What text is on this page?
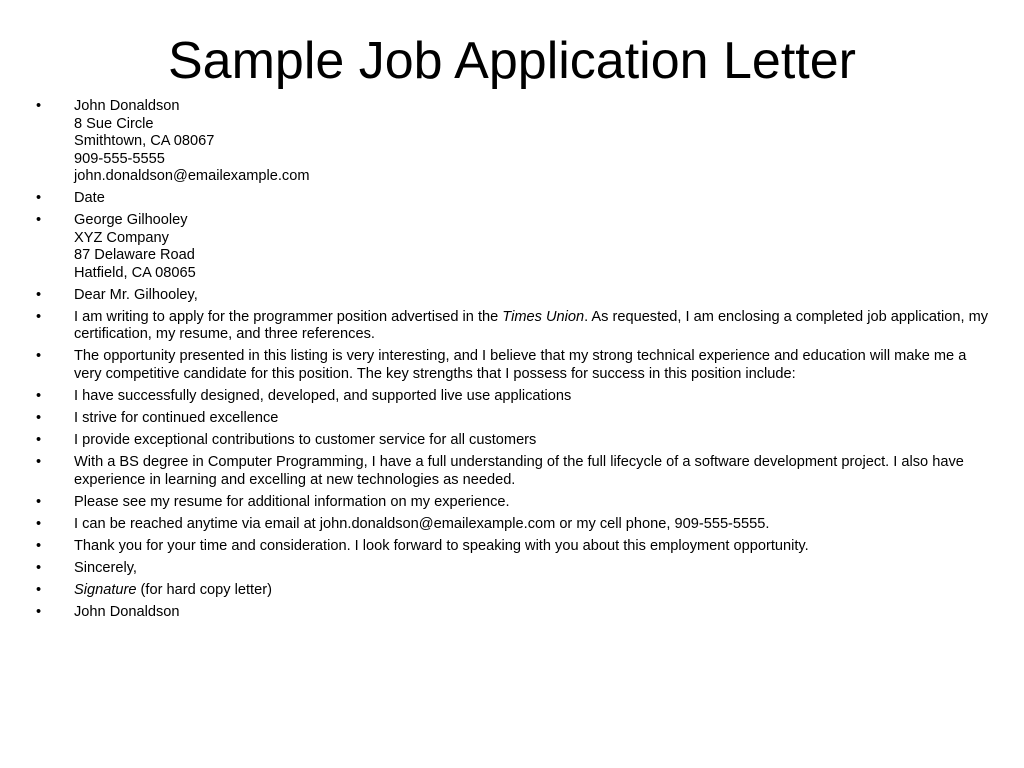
Sample Job Application Letter
•	John Donaldson
8 Sue Circle
Smithtown, CA 08067
909-555-5555
john.donaldson@emailexample.com
•	Date
•	George Gilhooley
XYZ Company
87 Delaware Road
Hatfield, CA 08065
•	Dear Mr. Gilhooley,
•	I am writing to apply for the programmer position advertised in the Times Union. As requested, I am enclosing a completed job application, my certification, my resume, and three references.
•	The opportunity presented in this listing is very interesting, and I believe that my strong technical experience and education will make me a very competitive candidate for this position. The key strengths that I possess for success in this position include:
•	I have successfully designed, developed, and supported live use applications
•	I strive for continued excellence
•	I provide exceptional contributions to customer service for all customers
•	With a BS degree in Computer Programming, I have a full understanding of the full lifecycle of a software development project. I also have experience in learning and excelling at new technologies as needed.
•	Please see my resume for additional information on my experience.
•	I can be reached anytime via email at john.donaldson@emailexample.com or my cell phone, 909-555-5555.
•	Thank you for your time and consideration. I look forward to speaking with you about this employment opportunity.
•	Sincerely,
•	Signature (for hard copy letter)
•	John Donaldson
